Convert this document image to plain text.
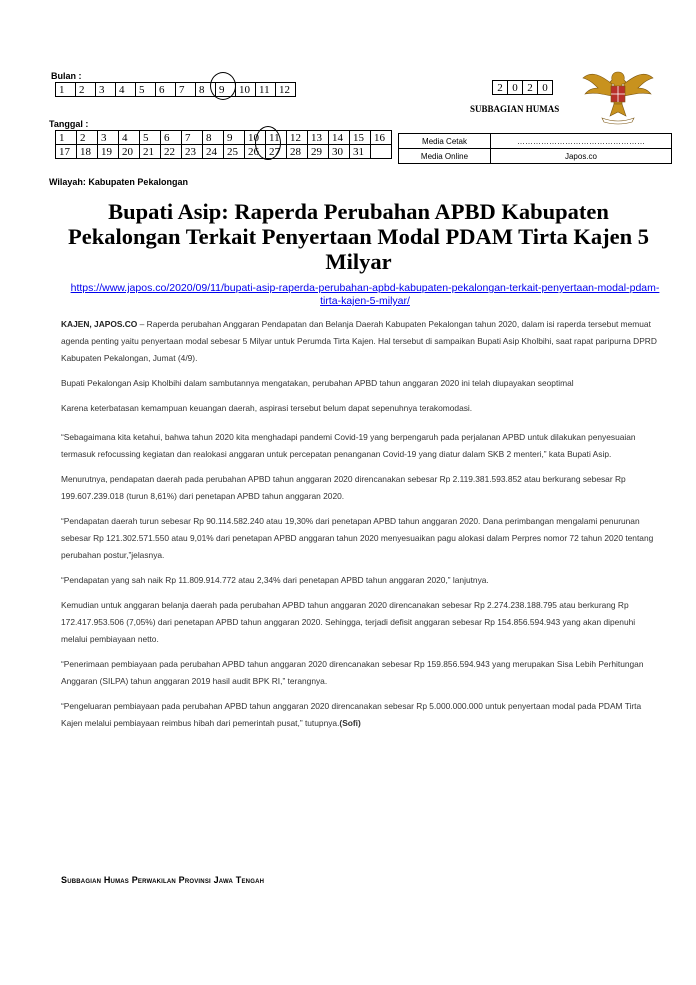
Bulan :
1	2	3	4	5	6	7	8	9	10	11	12
Tanggal :
1	2	3	4	5	6	7	8	9	10	11	12	13	14	15	16
17	18	19	20	21	22	23	24	25	26	27	28	29	30	31	
2	0	2	0
SUBBAGIAN HUMAS
Media Cetak	…………………………………………
Media Online	Japos.co
Wilayah: Kabupaten Pekalongan
Bupati Asip: Raperda Perubahan APBD Kabupaten Pekalongan Terkait Penyertaan Modal PDAM Tirta Kajen 5 Milyar
https://www.japos.co/2020/09/11/bupati-asip-raperda-perubahan-apbd-kabupaten-pekalongan-terkait-penyertaan-modal-pdam-tirta-kajen-5-milyar/

KAJEN, JAPOS.CO – Raperda perubahan Anggaran Pendapatan dan Belanja Daerah Kabupaten Pekalongan tahun 2020, dalam isi raperda tersebut memuat agenda penting yaitu penyertaan modal sebesar 5 Milyar untuk Perumda Tirta Kajen. Hal tersebut di sampaikan Bupati Asip Kholbihi, saat rapat paripurna DPRD Kabupaten Pekalongan, Jumat (4/9).

Bupati Pekalongan Asip Kholbihi dalam sambutannya mengatakan, perubahan APBD tahun anggaran 2020 ini telah diupayakan seoptimal

Karena keterbatasan kemampuan keuangan daerah, aspirasi tersebut belum dapat sepenuhnya terakomodasi.

“Sebagaimana kita ketahui, bahwa tahun 2020 kita menghadapi pandemi Covid-19 yang berpengaruh pada perjalanan APBD untuk dilakukan penyesuaian termasuk refocussing kegiatan dan realokasi anggaran untuk percepatan penanganan Covid-19 yang diatur dalam SKB 2 menteri,” kata Bupati Asip.

Menurutnya, pendapatan daerah pada perubahan APBD tahun anggaran 2020 direncanakan sebesar Rp 2.119.381.593.852 atau berkurang sebesar Rp 199.607.239.018 (turun 8,61%) dari penetapan APBD tahun anggaran 2020.

“Pendapatan daerah turun sebesar Rp 90.114.582.240 atau 19,30% dari penetapan APBD tahun anggaran 2020. Dana perimbangan mengalami penurunan sebesar Rp 121.302.571.550 atau 9,01% dari penetapan APBD anggaran tahun 2020 menyesuaikan pagu alokasi dalam Perpres nomor 72 tahun 2020 tentang perubahan postur,”jelasnya.

“Pendapatan yang sah naik Rp 11.809.914.772 atau 2,34% dari penetapan APBD tahun anggaran 2020,” lanjutnya.

Kemudian untuk anggaran belanja daerah pada perubahan APBD tahun anggaran 2020 direncanakan sebesar Rp 2.274.238.188.795 atau berkurang Rp 172.417.953.506 (7,05%) dari penetapan APBD tahun anggaran 2020. Sehingga, terjadi defisit anggaran sebesar Rp 154.856.594.943 yang akan dipenuhi melalui pembiayaan netto.

“Penerimaan pembiayaan pada perubahan APBD tahun anggaran 2020 direncanakan sebesar Rp 159.856.594.943 yang merupakan Sisa Lebih Perhitungan Anggaran (SILPA) tahun anggaran 2019 hasil audit BPK RI,” terangnya.

“Pengeluaran pembiayaan pada perubahan APBD tahun anggaran 2020 direncanakan sebesar Rp 5.000.000.000 untuk penyertaan modal pada PDAM Tirta Kajen melalui pembiayaan reimbus hibah dari pemerintah pusat,” tutupnya.(Sofi)

Subbagian Humas Perwakilan Provinsi Jawa Tengah
